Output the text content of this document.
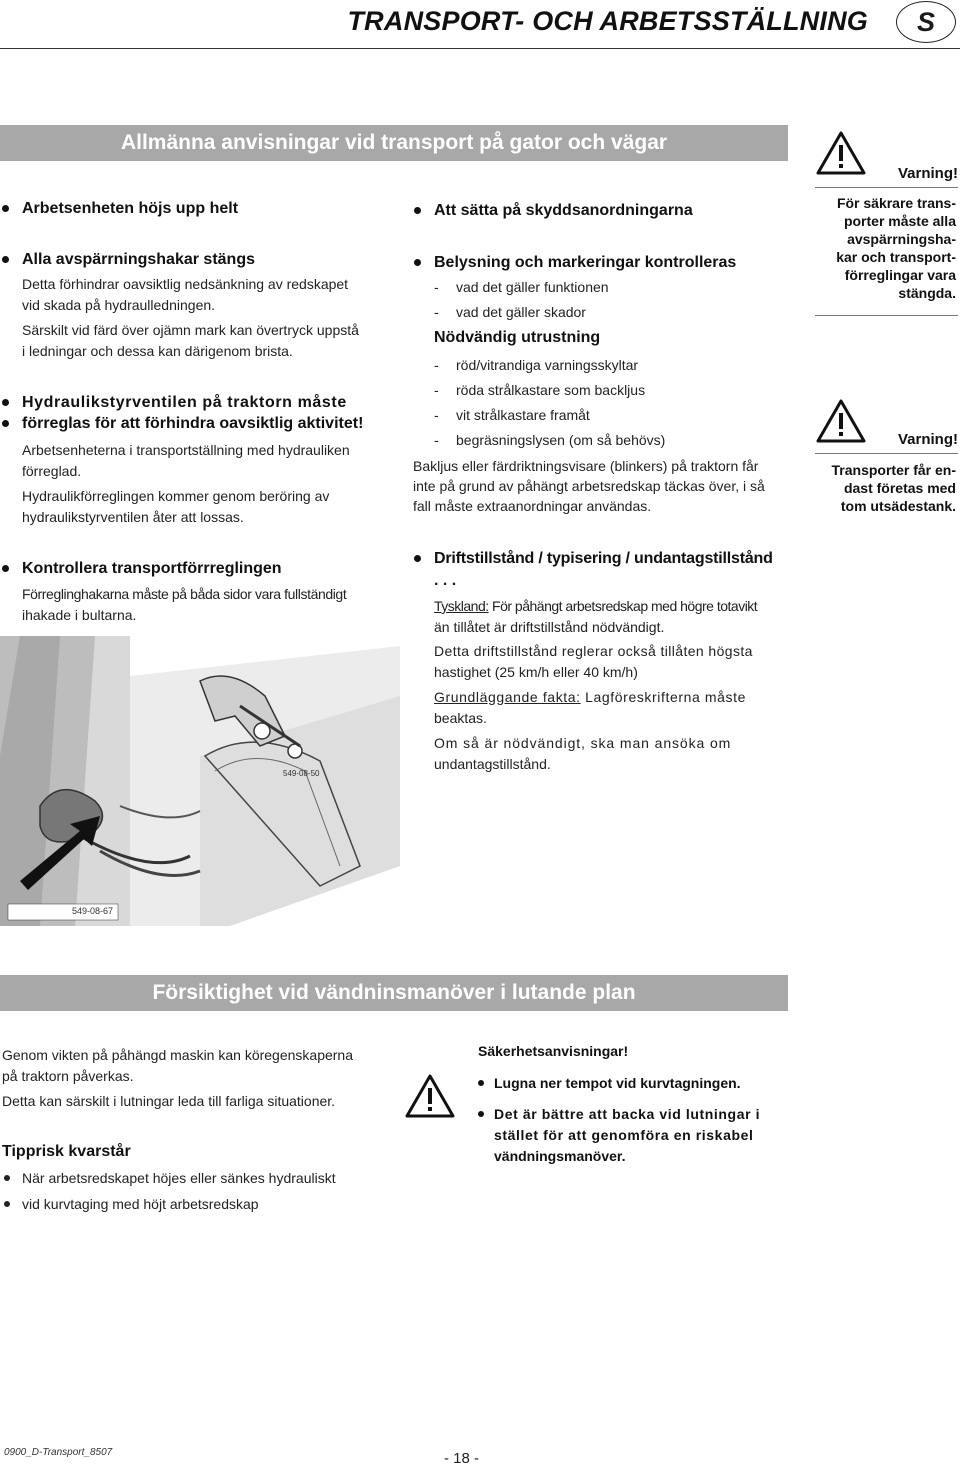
TRANSPORT- OCH ARBETSSTÄLLNING	S
Allmänna anvisningar vid transport på gator och vägar
Arbetsenheten höjs upp helt
Alla avspärrningshakar stängs
Detta förhindrar oavsiktlig nedsänkning av redskapet
vid skada på hydraulledningen.
Särskilt vid färd över ojämn mark kan övertryck uppstå
i ledningar och dessa kan därigenom brista.
Hydraulikstyrventilen på traktorn måste
förreglas för att förhindra oavsiktlig aktivitet!
Arbetsenheterna i transportställning med hydrauliken
förreglad.
Hydraulikförreglingen kommer genom beröring av
hydraulikstyrventilen åter att lossas.
Kontrollera transportförrreglingen
Förreglinghakarna måste på båda sidor vara fullständigt
ihakade i bultarna.
549-08-50
549-08-67
Att sätta på skyddsanordningarna
Belysning och markeringar kontrolleras
- vad det gäller funktionen
- vad det gäller skador
Nödvändig utrustning
- röd/vitrandiga varningsskyltar
- röda strålkastare som backljus
- vit strålkastare framåt
- begräsningslysen (om så behövs)
Bakljus eller färdriktningsvisare (blinkers) på traktorn får
inte på grund av påhängt arbetsredskap täckas över, i så
fall måste extraanordningar användas.
Driftstillstånd / typisering / undantagstillstånd
. . .
Tyskland: För påhängt arbetsredskap med högre totavikt
än tillåtet är driftstillstånd nödvändigt.
Detta driftstillstånd reglerar också tillåten högsta
hastighet (25 km/h eller 40 km/h)
Grundläggande fakta: Lagföreskrifterna måste
beaktas.
Om så är nödvändigt, ska man ansöka om
undantagstillstånd.
Varning!
För säkrare trans-
porter måste alla
avspärrningsha-
kar och transport-
förreglingar vara
stängda.
Varning!
Transporter får en-
dast företas med
tom utsädestank.
Försiktighet vid vändninsmanöver i lutande plan
Genom vikten på påhängd maskin kan köregenskaperna
på traktorn påverkas.
Detta kan särskilt i lutningar leda till farliga situationer.
Tipprisk kvarstår
När arbetsredskapet höjes eller sänkes hydrauliskt
vid kurvtaging med höjt arbetsredskap
Säkerhetsanvisningar!
Lugna ner tempot vid kurvtagningen.
Det är bättre att backa vid lutningar i
stället för att genomföra en riskabel
vändningsmanöver.
0900_D-Transport_8507	- 18 -
